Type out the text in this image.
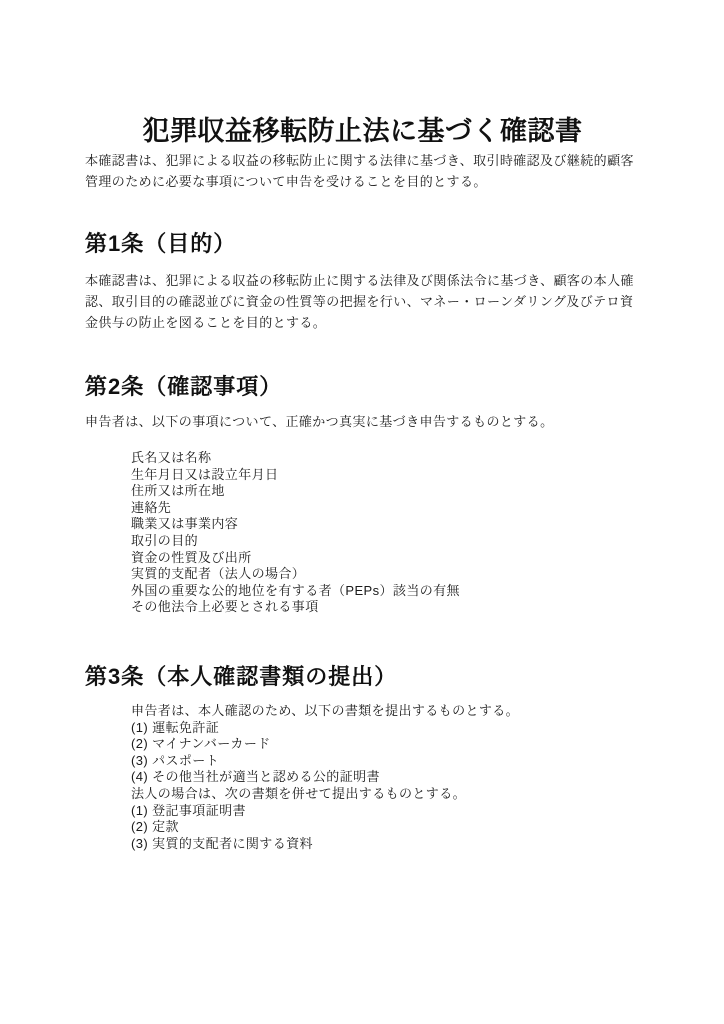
犯罪収益移転防止法に基づく確認書

本確認書は、犯罪による収益の移転防止に関する法律に基づき、取引時確認及び継続的顧客管理のために必要な事項について申告を受けることを目的とする。

第1条（目的）

本確認書は、犯罪による収益の移転防止に関する法律及び関係法令に基づき、顧客の本人確認、取引目的の確認並びに資金の性質等の把握を行い、マネー・ローンダリング及びテロ資金供与の防止を図ることを目的とする。

第2条（確認事項）

申告者は、以下の事項について、正確かつ真実に基づき申告するものとする。

氏名又は名称
生年月日又は設立年月日
住所又は所在地
連絡先
職業又は事業内容
取引の目的
資金の性質及び出所
実質的支配者（法人の場合）
外国の重要な公的地位を有する者（PEPs）該当の有無
その他法令上必要とされる事項
第3条（本人確認書類の提出）
申告者は、本人確認のため、以下の書類を提出するものとする。
(1) 運転免許証
(2) マイナンバーカード
(3) パスポート
(4) その他当社が適当と認める公的証明書
法人の場合は、次の書類を併せて提出するものとする。
(1) 登記事項証明書
(2) 定款
(3) 実質的支配者に関する資料
